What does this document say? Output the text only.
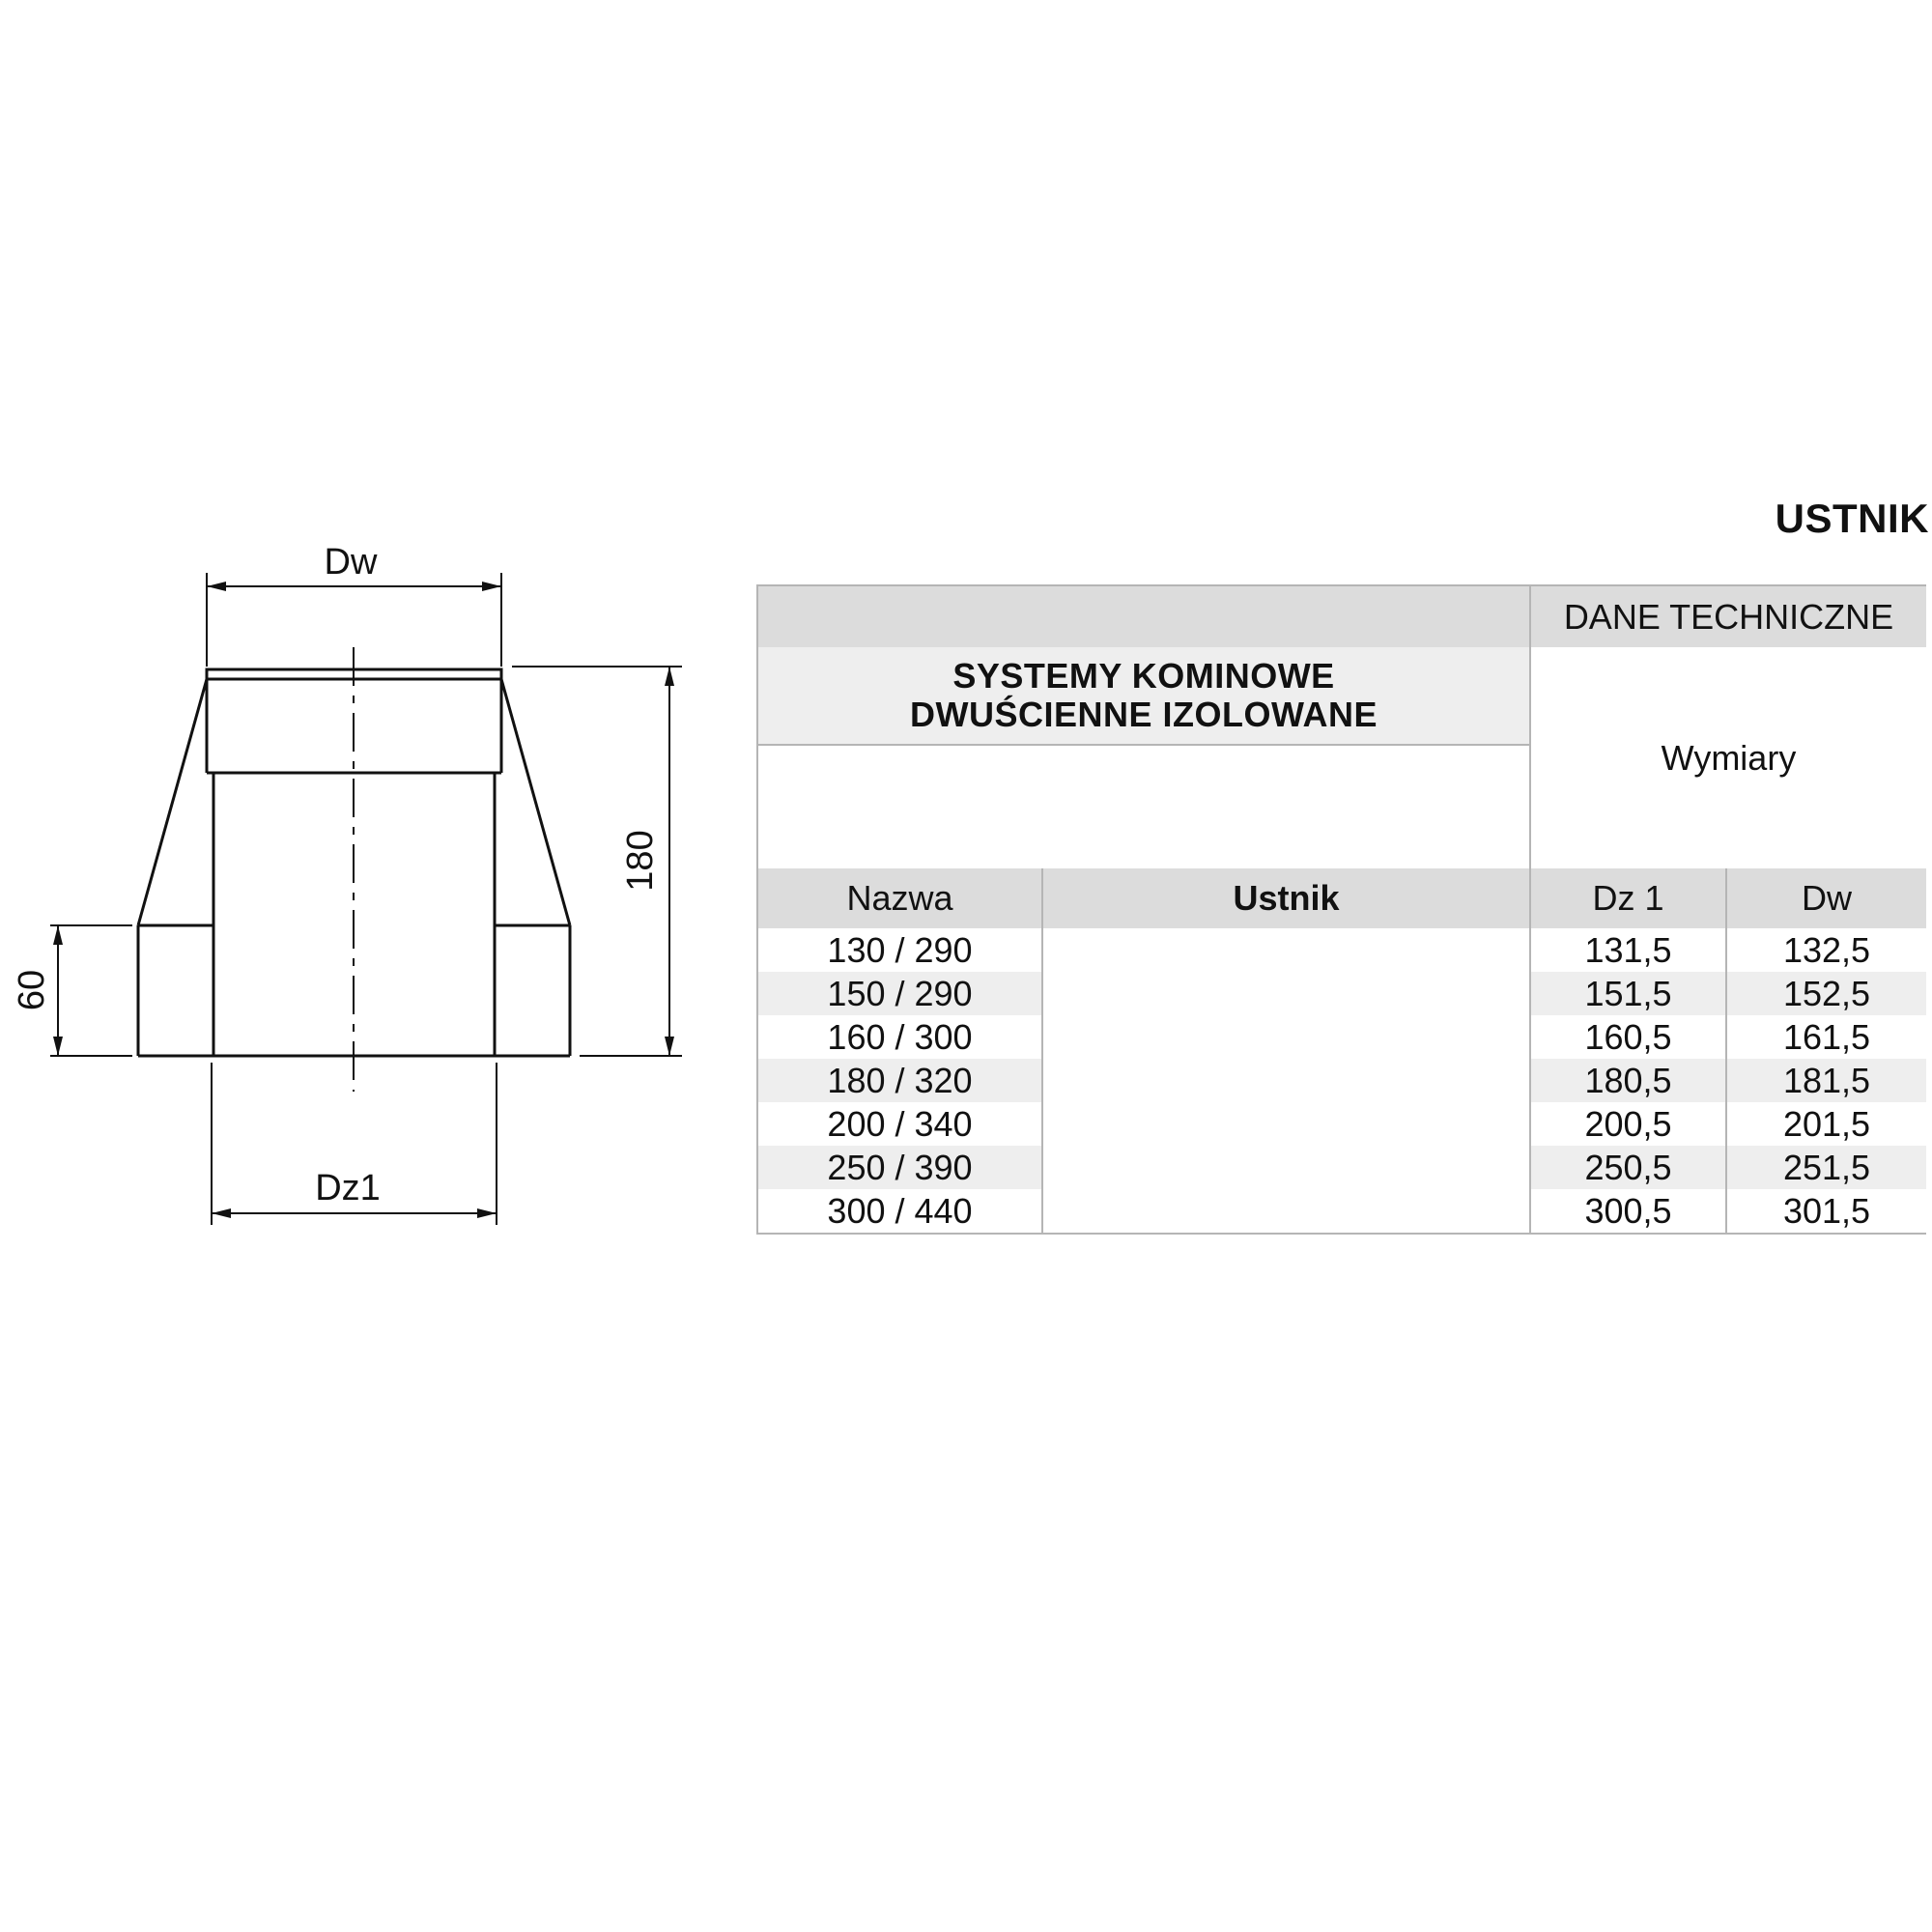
Dw
Dz1
180
60
USTNIK
		DANE TECHNICZNE	

SYSTEMY KOMINOWE
DWUŚCIENNE IZOLOWANE		Wymiary	

Nazwa	Ustnik	Dz 1	Dw
130 / 290		131,5	132,5
150 / 290		151,5	152,5
160 / 300		160,5	161,5
180 / 320		180,5	181,5
200 / 340		200,5	201,5
250 / 390		250,5	251,5
300 / 440		300,5	301,5
